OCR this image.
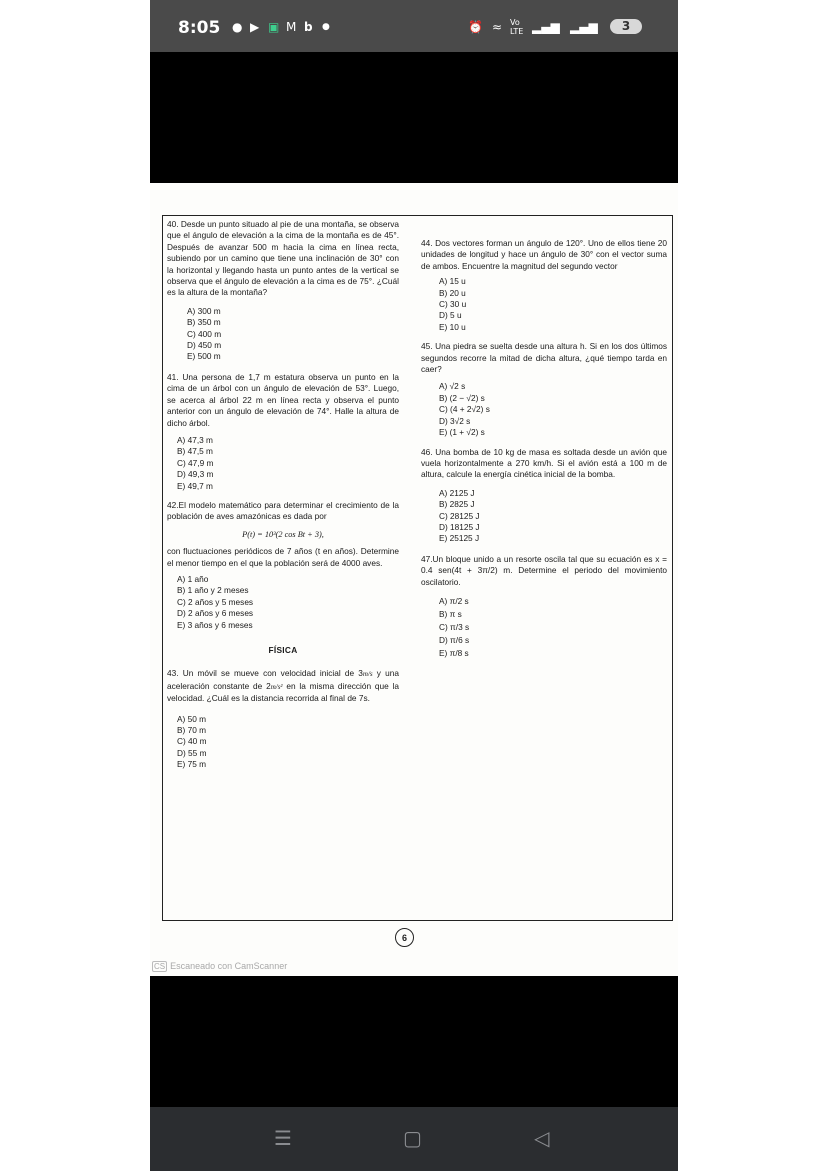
8:05 ● ▶ ▣ M b ●	⏰ ≈ Vo LTE ▂▄▆ ▂▄▆	3

40. Desde un punto situado al pie de una montaña, se observa que el ángulo de elevación a la cima de la montaña es de 45°. Después de avanzar 500 m hacia la cima en línea recta, subiendo por un camino que tiene una inclinación de 30° con la horizontal y llegando hasta un punto antes de la vertical se observa que el ángulo de elevación a la cima es de 75°. ¿Cuál es la altura de la montaña?

A) 300 m
B) 350 m
C) 400 m
D) 450 m
E) 500 m

41. Una persona de 1,7 m estatura observa un punto en la cima de un árbol con un ángulo de elevación de 53°. Luego, se acerca al árbol 22 m en línea recta y observa el punto anterior con un ángulo de elevación de 74°. Halle la altura de dicho árbol.

A) 47,3 m
B) 47,5 m
C) 47,9 m
D) 49,3 m
E) 49,7 m

42.El modelo matemático para determinar el crecimiento de la población de aves amazónicas es dada por

P(t) = 10³(2 cos Bt + 3),

con fluctuaciones periódicos de 7 años (t en años). Determine el menor tiempo en el que la población será de 4000 aves.

A) 1 año
B) 1 año y 2 meses
C) 2 años y 5 meses
D) 2 años y 6 meses
E) 3 años y 6 meses
FÍSICA

43. Un móvil se mueve con velocidad inicial de 3m/s y una aceleración constante de 2m/s² en la misma dirección que la velocidad. ¿Cuál es la distancia recorrida al final de 7s.

A) 50 m
B) 70 m
C) 40 m
D) 55 m
E) 75 m

44. Dos vectores forman un ángulo de 120°. Uno de ellos tiene 20 unidades de longitud y hace un ángulo de 30° con el vector suma de ambos. Encuentre la magnitud del segundo vector

A) 15 u
B) 20 u
C) 30 u
D) 5 u
E) 10 u

45. Una piedra se suelta desde una altura h. Si en los dos últimos segundos recorre la mitad de dicha altura, ¿qué tiempo tarda en caer?

A) √2 s
B) (2 − √2) s
C) (4 + 2√2) s
D) 3√2 s
E) (1 + √2) s

46. Una bomba de 10 kg de masa es soltada desde un avión que vuela horizontalmente a 270 km/h. Si el avión está a 100 m de altura, calcule la energía cinética inicial de la bomba.

A) 2125 J
B) 2825 J
C) 28125 J
D) 18125 J
E) 25125 J

47.Un bloque unido a un resorte oscila tal que su ecuación es x = 0.4 sen(4t + 3π/2) m. Determine el periodo del movimiento oscilatorio.

A) π/2 s
B) π s
C) π/3 s
D) π/6 s
E) π/8 s
6
CS Escaneado con CamScanner
☰	▢	◁
